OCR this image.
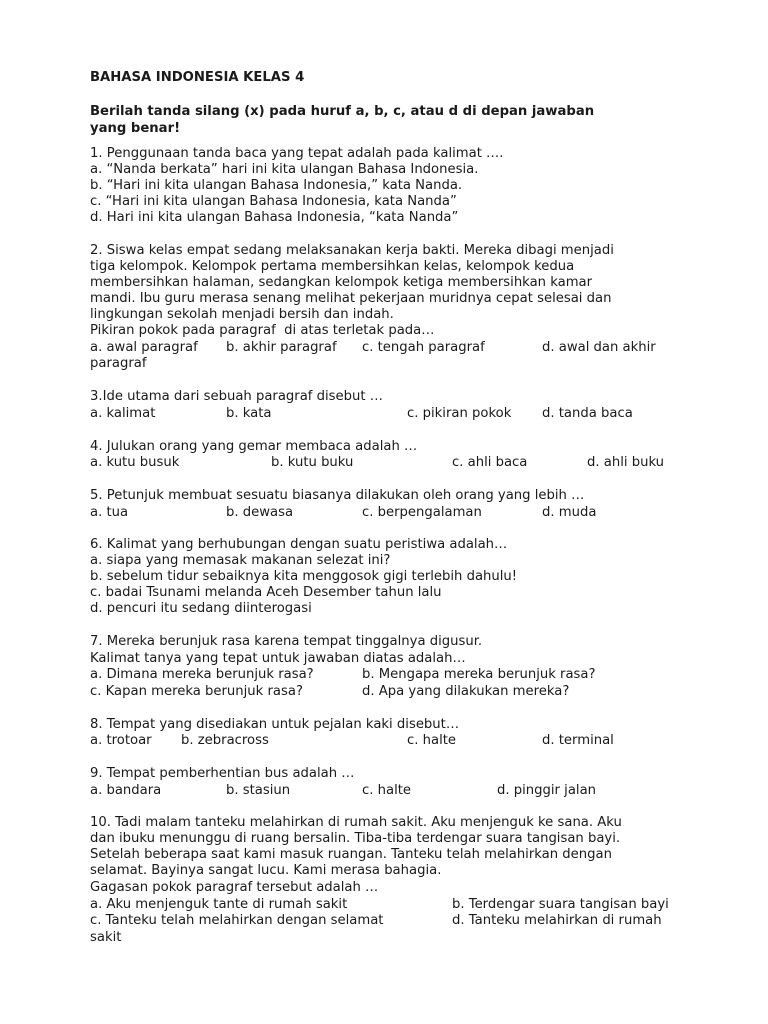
BAHASA INDONESIA KELAS 4
Berilah tanda silang (x) pada huruf a, b, c, atau d di depan jawaban
yang benar!
1. Penggunaan tanda baca yang tepat adalah pada kalimat ….
a. “Nanda berkata” hari ini kita ulangan Bahasa Indonesia.
b. “Hari ini kita ulangan Bahasa Indonesia,” kata Nanda.
c. “Hari ini kita ulangan Bahasa Indonesia, kata Nanda”
d. Hari ini kita ulangan Bahasa Indonesia, “kata Nanda”
2. Siswa kelas empat sedang melaksanakan kerja bakti. Mereka dibagi menjadi
tiga kelompok. Kelompok pertama membersihkan kelas, kelompok kedua
membersihkan halaman, sedangkan kelompok ketiga membersihkan kamar
mandi. Ibu guru merasa senang melihat pekerjaan muridnya cepat selesai dan
lingkungan sekolah menjadi bersih dan indah.
Pikiran pokok pada paragraf  di atas terletak pada…
a. awal paragraf b. akhir paragraf c. tengah paragraf	d. awal dan akhir
paragraf
3.Ide utama dari sebuah paragraf disebut …
a. kalimat	b. kata	c. pikiran pokok d. tanda baca
4. Julukan orang yang gemar membaca adalah …
a. kutu busuk	b. kutu buku	c. ahli baca	d. ahli buku
5. Petunjuk membuat sesuatu biasanya dilakukan oleh orang yang lebih …
a. tua	b. dewasa	c. berpengalaman	d. muda
6. Kalimat yang berhubungan dengan suatu peristiwa adalah…
a. siapa yang memasak makanan selezat ini?
b. sebelum tidur sebaiknya kita menggosok gigi terlebih dahulu!
c. badai Tsunami melanda Aceh Desember tahun lalu
d. pencuri itu sedang diinterogasi
7. Mereka berunjuk rasa karena tempat tinggalnya digusur.
Kalimat tanya yang tepat untuk jawaban diatas adalah…
a. Dimana mereka berunjuk rasa?	b. Mengapa mereka berunjuk rasa?
c. Kapan mereka berunjuk rasa?	d. Apa yang dilakukan mereka?
8. Tempat yang disediakan untuk pejalan kaki disebut…
a. trotoar b. zebracross	c. halte	d. terminal
9. Tempat pemberhentian bus adalah …
a. bandara	b. stasiun	c. halte	d. pinggir jalan
10. Tadi malam tanteku melahirkan di rumah sakit. Aku menjenguk ke sana. Aku
dan ibuku menunggu di ruang bersalin. Tiba-tiba terdengar suara tangisan bayi.
Setelah beberapa saat kami masuk ruangan. Tanteku telah melahirkan dengan
selamat. Bayinya sangat lucu. Kami merasa bahagia.
Gagasan pokok paragraf tersebut adalah …
a. Aku menjenguk tante di rumah sakit	b. Terdengar suara tangisan bayi
c. Tanteku telah melahirkan dengan selamat	d. Tanteku melahirkan di rumah
sakit
